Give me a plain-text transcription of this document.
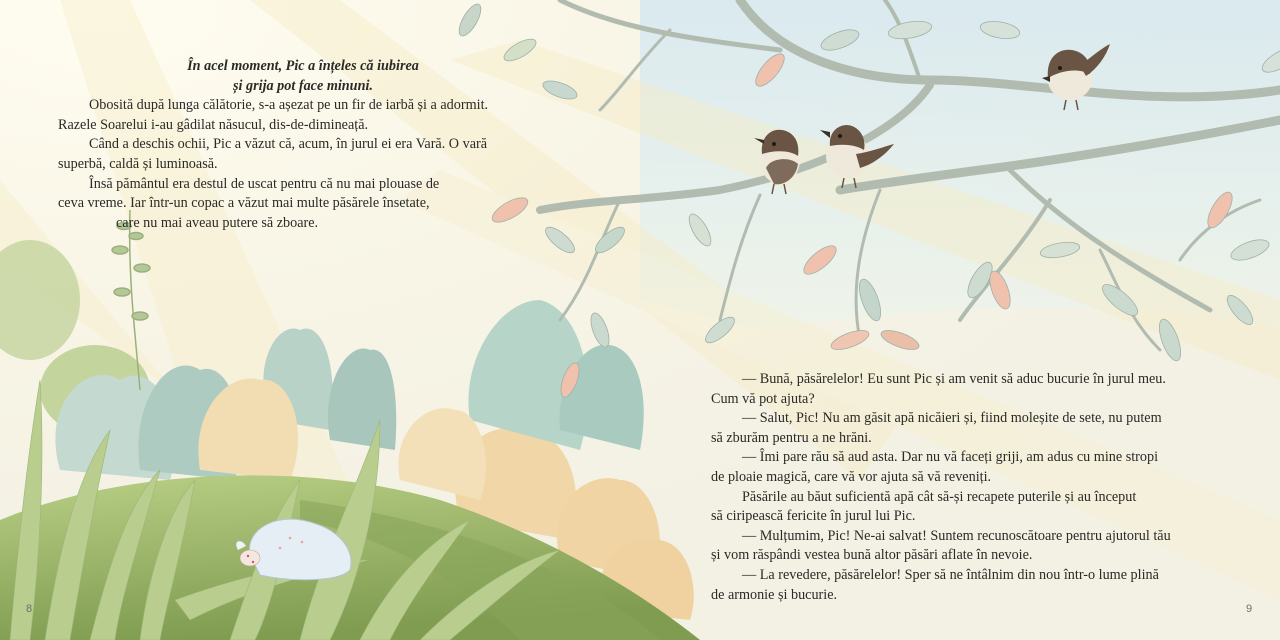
În acel moment, Pic a înțeles că iubirea
și grija pot face minuni.
Obosită după lunga călătorie, s-a așezat pe un fir de iarbă și a adormit.
Razele Soarelui i-au gâdilat năsucul, dis-de-dimineață.
Când a deschis ochii, Pic a văzut că, acum, în jurul ei era Vară. O vară
superbă, caldă și luminoasă.
Însă pământul era destul de uscat pentru că nu mai plouase de
ceva vreme. Iar într-un copac a văzut mai multe păsărele însetate,
care nu mai aveau putere să zboare.
— Bună, păsărelelor! Eu sunt Pic și am venit să aduc bucurie în jurul meu.
Cum vă pot ajuta?
— Salut, Pic! Nu am găsit apă nicăieri și, fiind moleșite de sete, nu putem
să zburăm pentru a ne hrăni.
— Îmi pare rău să aud asta. Dar nu vă faceți griji, am adus cu mine stropi
de ploaie magică, care vă vor ajuta să vă reveniți.
Păsările au băut suficientă apă cât să-și recapete puterile și au început
să ciripească fericite în jurul lui Pic.
— Mulțumim, Pic! Ne-ai salvat! Suntem recunoscătoare pentru ajutorul tău
și vom răspândi vestea bună altor păsări aflate în nevoie.
— La revedere, păsărelelor! Sper să ne întâlnim din nou într-o lume plină
de armonie și bucurie.
8	9
